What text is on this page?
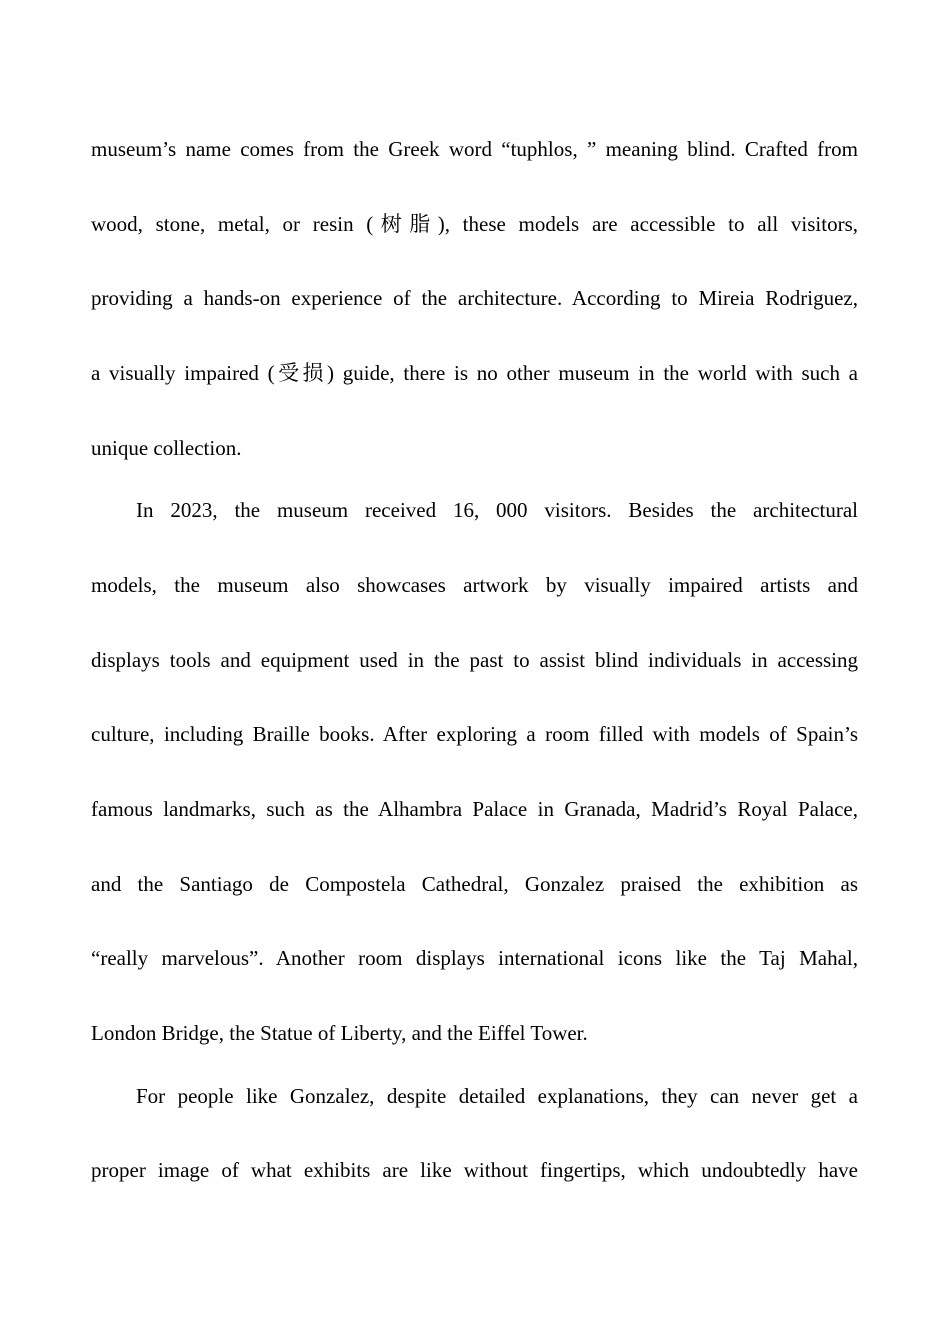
museum’s name comes from the Greek word “tuphlos, ” meaning blind. Crafted from
wood, stone, metal, or resin (树脂), these models are accessible to all visitors,
providing a hands-on experience of the architecture. According to Mireia Rodriguez,
a visually impaired (受损) guide, there is no other museum in the world with such a
unique collection.
In 2023, the museum received 16, 000 visitors. Besides the architectural
models, the museum also showcases artwork by visually impaired artists and
displays tools and equipment used in the past to assist blind individuals in accessing
culture, including Braille books. After exploring a room filled with models of Spain’s
famous landmarks, such as the Alhambra Palace in Granada, Madrid’s Royal Palace,
and the Santiago de Compostela Cathedral, Gonzalez praised the exhibition as
“really marvelous”. Another room displays international icons like the Taj Mahal,
London Bridge, the Statue of Liberty, and the Eiffel Tower.
For people like Gonzalez, despite detailed explanations, they can never get a
proper image of what exhibits are like without fingertips, which undoubtedly have
